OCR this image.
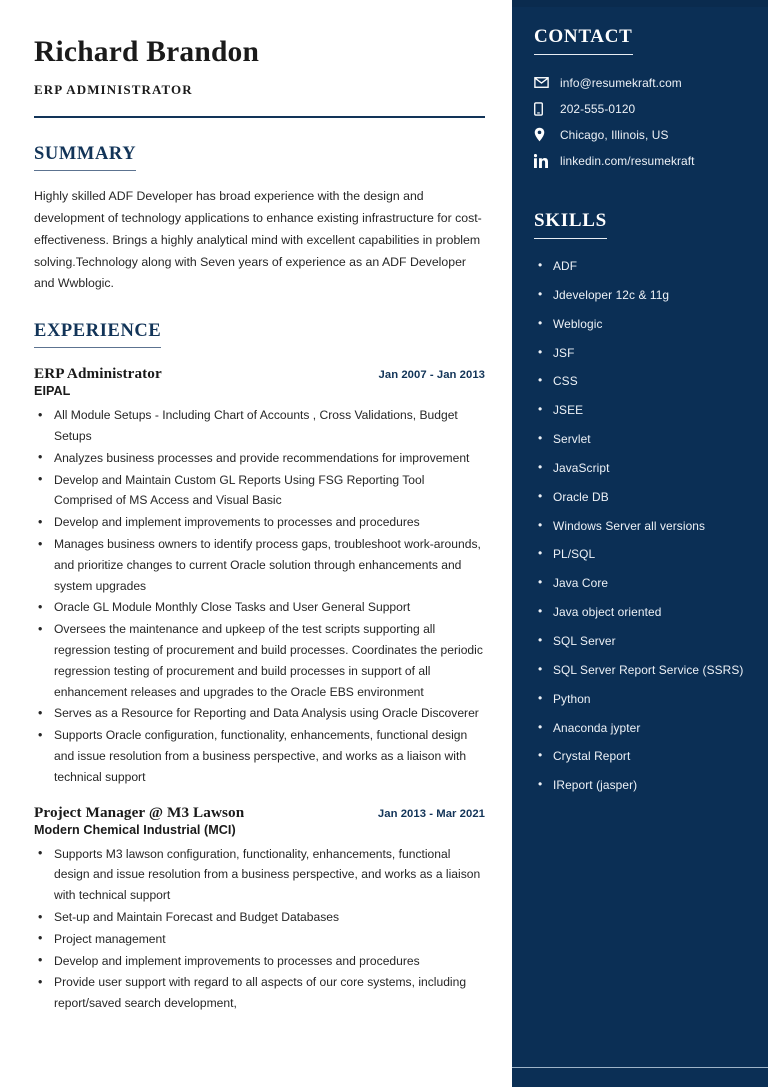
Richard Brandon
ERP ADMINISTRATOR
SUMMARY

Highly skilled ADF Developer has broad experience with the design and development of technology applications to enhance existing infrastructure for cost-effectiveness. Brings a highly analytical mind with excellent capabilities in problem solving.Technology along with Seven years of experience as an ADF Developer and Wwblogic.

EXPERIENCE
ERP Administrator	Jan 2007 - Jan 2013
EIPAL
• All Module Setups - Including Chart of Accounts , Cross Validations, Budget Setups
• Analyzes business processes and provide recommendations for improvement
• Develop and Maintain Custom GL Reports Using FSG Reporting Tool Comprised of MS Access and Visual Basic
• Develop and implement improvements to processes and procedures
• Manages business owners to identify process gaps, troubleshoot work-arounds, and prioritize changes to current Oracle solution through enhancements and system upgrades
• Oracle GL Module Monthly Close Tasks and User General Support
• Oversees the maintenance and upkeep of the test scripts supporting all regression testing of procurement and build processes. Coordinates the periodic regression testing of procurement and build processes in support of all enhancement releases and upgrades to the Oracle EBS environment
• Serves as a Resource for Reporting and Data Analysis using Oracle Discoverer
• Supports Oracle configuration, functionality, enhancements, functional design and issue resolution from a business perspective, and works as a liaison with technical support
Project Manager @ M3 Lawson	Jan 2013 - Mar 2021
Modern Chemical Industrial (MCI)
• Supports M3 lawson configuration, functionality, enhancements, functional design and issue resolution from a business perspective, and works as a liaison with technical support
• Set-up and Maintain Forecast and Budget Databases
• Project management
• Develop and implement improvements to processes and procedures
• Provide user support with regard to all aspects of our core systems, including report/saved search development,
CONTACT
info@resumekraft.com
202-555-0120
Chicago, Illinois, US
linkedin.com/resumekraft
SKILLS
• ADF
• Jdeveloper 12c & 11g
• Weblogic
• JSF
• CSS
• JSEE
• Servlet
• JavaScript
• Oracle DB
• Windows Server all versions
• PL/SQL
• Java Core
• Java object oriented
• SQL Server
• SQL Server Report Service (SSRS)
• Python
• Anaconda jypter
• Crystal Report
• IReport (jasper)
